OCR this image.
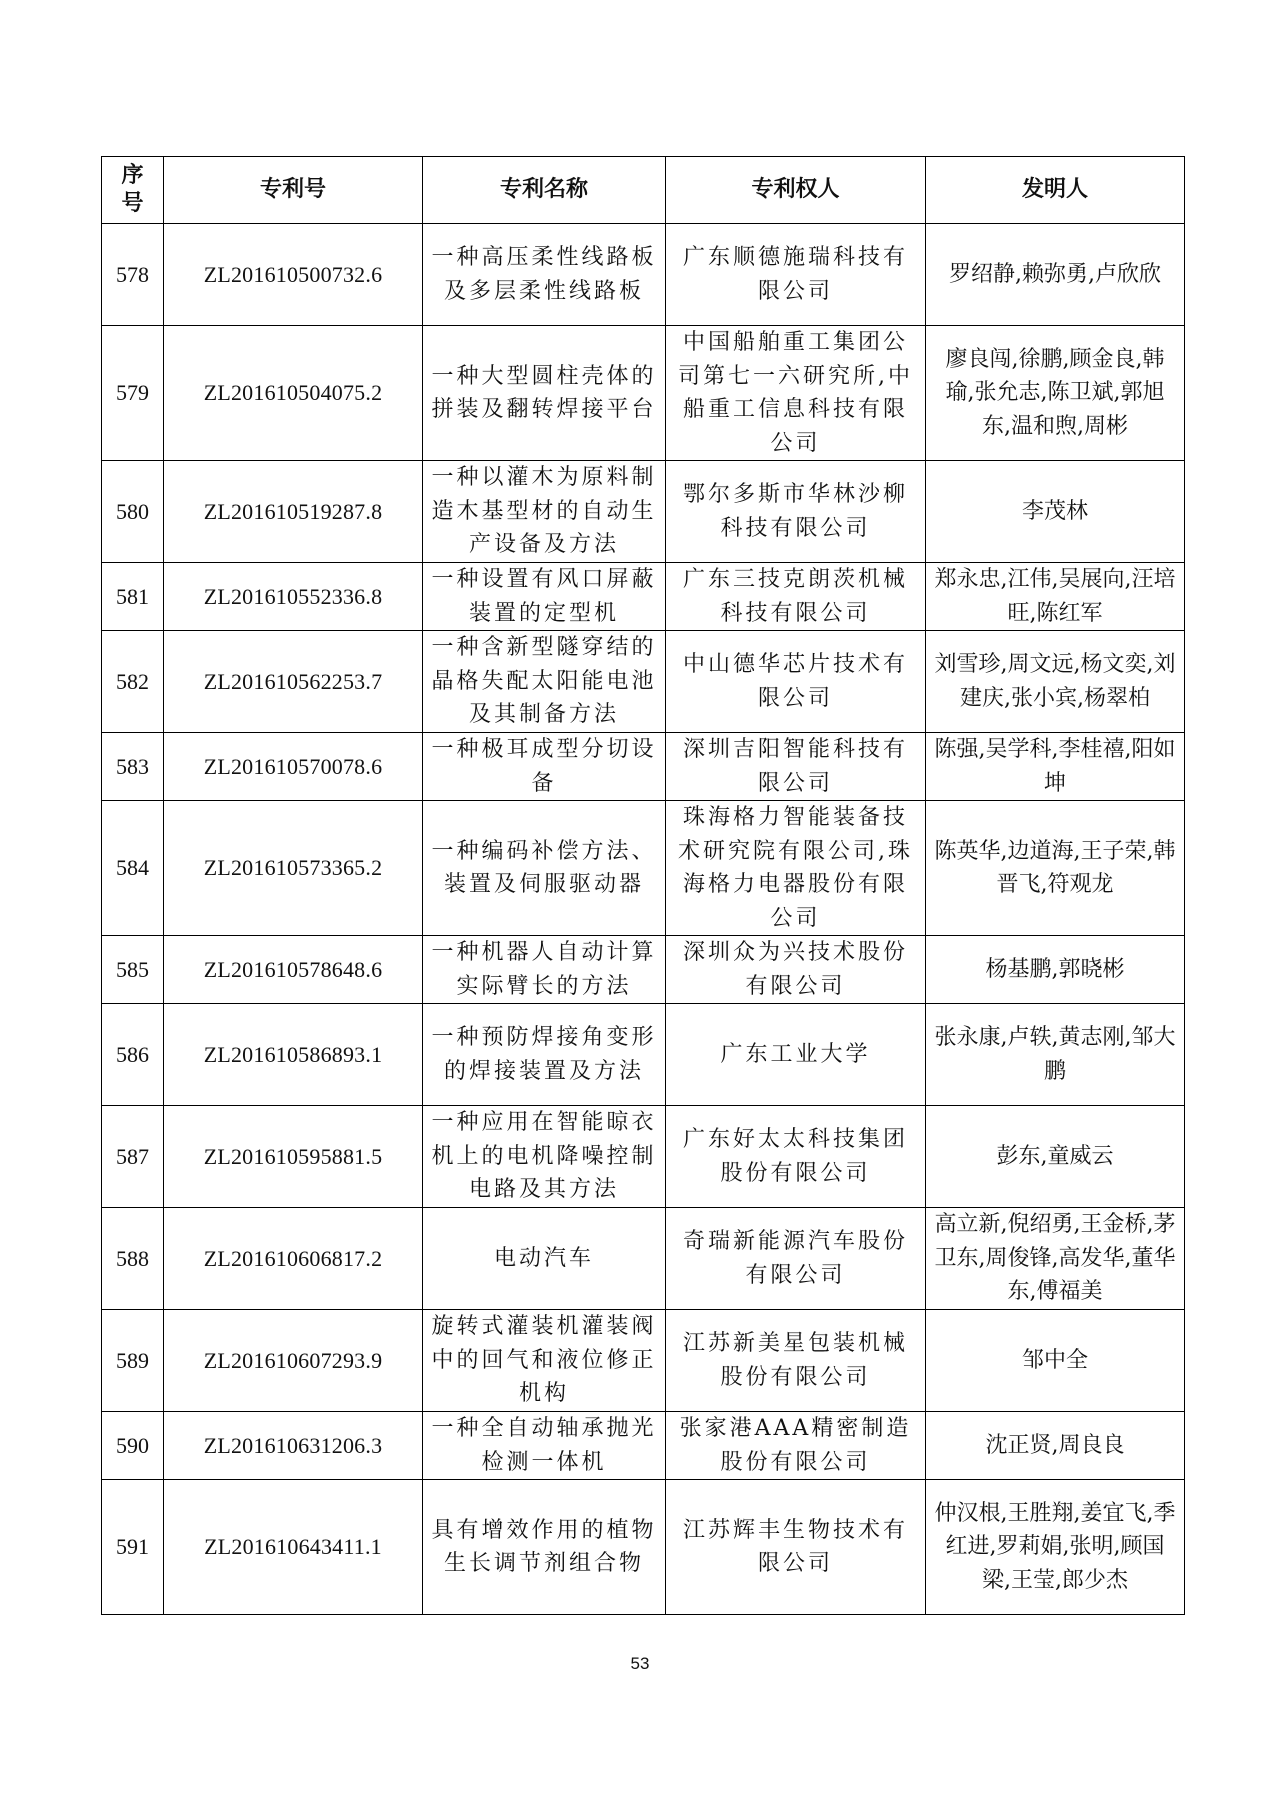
序号	专利号	专利名称	专利权人	发明人
578	ZL201610500732.6	一种高压柔性线路板及多层柔性线路板	广东顺德施瑞科技有限公司	罗绍静,赖弥勇,卢欣欣
579	ZL201610504075.2	一种大型圆柱壳体的拼装及翻转焊接平台	中国船舶重工集团公司第七一六研究所,中船重工信息科技有限公司	廖良闯,徐鹏,顾金良,韩瑜,张允志,陈卫斌,郭旭东,温和煦,周彬
580	ZL201610519287.8	一种以灌木为原料制造木基型材的自动生产设备及方法	鄂尔多斯市华林沙柳科技有限公司	李茂林
581	ZL201610552336.8	一种设置有风口屏蔽装置的定型机	广东三技克朗茨机械科技有限公司	郑永忠,江伟,吴展向,汪培旺,陈红军
582	ZL201610562253.7	一种含新型隧穿结的晶格失配太阳能电池及其制备方法	中山德华芯片技术有限公司	刘雪珍,周文远,杨文奕,刘建庆,张小宾,杨翠柏
583	ZL201610570078.6	一种极耳成型分切设备	深圳吉阳智能科技有限公司	陈强,吴学科,李桂禧,阳如坤
584	ZL201610573365.2	一种编码补偿方法、装置及伺服驱动器	珠海格力智能装备技术研究院有限公司,珠海格力电器股份有限公司	陈英华,边道海,王子荣,韩晋飞,符观龙
585	ZL201610578648.6	一种机器人自动计算实际臂长的方法	深圳众为兴技术股份有限公司	杨基鹏,郭晓彬
586	ZL201610586893.1	一种预防焊接角变形的焊接装置及方法	广东工业大学	张永康,卢轶,黄志刚,邹大鹏
587	ZL201610595881.5	一种应用在智能晾衣机上的电机降噪控制电路及其方法	广东好太太科技集团股份有限公司	彭东,童威云
588	ZL201610606817.2	电动汽车	奇瑞新能源汽车股份有限公司	高立新,倪绍勇,王金桥,茅卫东,周俊锋,高发华,董华东,傅福美
589	ZL201610607293.9	旋转式灌装机灌装阀中的回气和液位修正机构	江苏新美星包装机械股份有限公司	邹中全
590	ZL201610631206.3	一种全自动轴承抛光检测一体机	张家港AAA精密制造股份有限公司	沈正贤,周良良
591	ZL201610643411.1	具有增效作用的植物生长调节剂组合物	江苏辉丰生物技术有限公司	仲汉根,王胜翔,姜宜飞,季红进,罗莉娟,张明,顾国梁,王莹,郎少杰
53
